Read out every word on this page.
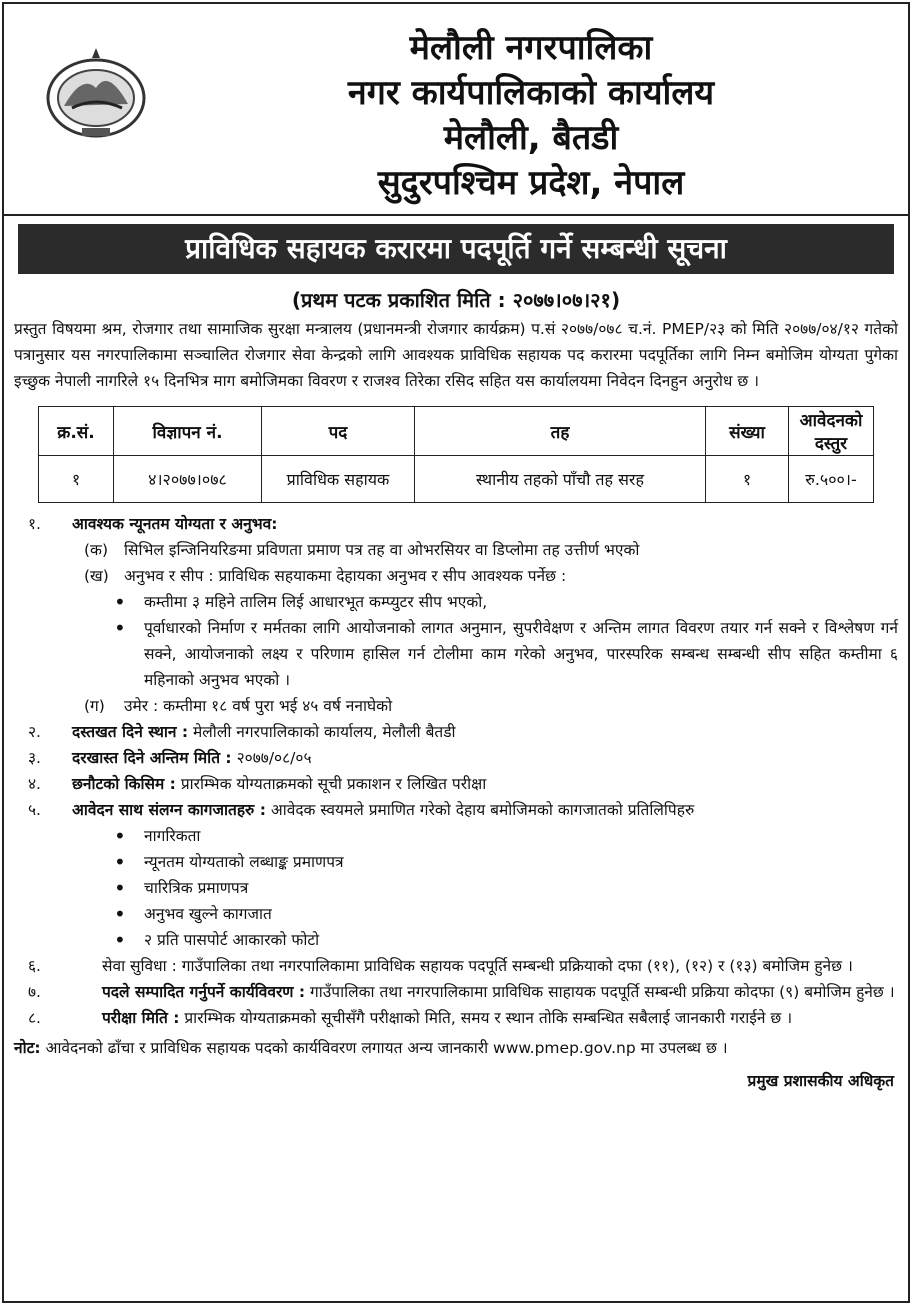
मेलौली नगरपालिका
नगर कार्यपालिकाको कार्यालय
मेलौली, बैतडी
सुदुरपश्चिम प्रदेश, नेपाल
प्राविधिक सहायक करारमा पदपूर्ति गर्ने सम्बन्धी सूचना
(प्रथम पटक प्रकाशित मिति : २०७७।०७।२१)
प्रस्तुत विषयमा श्रम, रोजगार तथा सामाजिक सुरक्षा मन्त्रालय (प्रधानमन्त्री रोजगार कार्यक्रम) प.सं २०७७/०७८ च.नं. PMEP/२३ को मिति २०७७/०४/१२ गतेको पत्रानुसार यस नगरपालिकामा सञ्चालित रोजगार सेवा केन्द्रको लागि आवश्यक प्राविधिक सहायक पद करारमा पदपूर्तिका लागि निम्न बमोजिम योग्यता पुगेका इच्छुक नेपाली नागरिले १५ दिनभित्र माग बमोजिमका विवरण र राजश्व तिरेका रसिद सहित यस कार्यालयमा निवेदन दिनहुन अनुरोध छ ।
क्र.सं.	विज्ञापन नं.	पद	तह	संख्या	आवेदनको दस्तुर
१	४।२०७७।०७८	प्राविधिक सहायक	स्थानीय तहको पाँचौ तह सरह	१	रु.५००।-
१.	आवश्यक न्यूनतम योग्यता र अनुभव:
(क)	सिभिल इन्जिनियरिङमा प्रविणता प्रमाण पत्र तह वा ओभरसियर वा डिप्लोमा तह उत्तीर्ण भएको
(ख) अनुभव र सीप : प्राविधिक सहयाकमा देहायका अनुभव र सीप आवश्यक पर्नेछ :
•	कम्तीमा ३ महिने तालिम लिई आधारभूत कम्प्युटर सीप भएको,
•	पूर्वाधारको निर्माण र मर्मतका लागि आयोजनाको लागत अनुमान, सुपरीवेक्षण र अन्तिम लागत विवरण तयार गर्न सक्ने र विश्लेषण गर्न सक्ने, आयोजनाको लक्ष्य र परिणाम हासिल गर्न टोलीमा काम गरेको अनुभव, पारस्परिक सम्बन्ध सम्बन्धी सीप सहित कम्तीमा ६ महिनाको अनुभव भएको ।
(ग)	उमेर : कम्तीमा १८ वर्ष पुरा भई ४५ वर्ष ननाघेको
२.	दस्तखत दिने स्थान : मेलौली नगरपालिकाको कार्यालय, मेलौली बैतडी
३.	दरखास्त दिने अन्तिम मिति : २०७७/०८/०५
४.	छनौटको किसिम : प्रारम्भिक योग्यताक्रमको सूची प्रकाशन र लिखित परीक्षा
५.	आवेदन साथ संलग्न कागजातहरु : आवेदक स्वयमले प्रमाणित गरेको देहाय बमोजिमको कागजातको प्रतिलिपिहरु
•	नागरिकता
•	न्यूनतम योग्यताको लब्धाङ्क प्रमाणपत्र
•	चारित्रिक प्रमाणपत्र
•	अनुभव खुल्ने कागजात
•	२ प्रति पासपोर्ट आकारको फोटो
६.	सेवा सुविधा : गाउँपालिका तथा नगरपालिकामा प्राविधिक सहायक पदपूर्ति सम्बन्धी प्रक्रियाको दफा (११), (१२) र (१३) बमोजिम हुनेछ ।
७.	पदले सम्पादित गर्नुपर्ने कार्यविवरण : गाउँपालिका तथा नगरपालिकामा प्राविधिक साहायक पदपूर्ति सम्बन्धी प्रक्रिया कोदफा (९) बमोजिम हुनेछ ।
८.	परीक्षा मिति : प्रारम्भिक योग्यताक्रमको सूचीसँगै परीक्षाको मिति, समय र स्थान तोकि सम्बन्धित सबैलाई जानकारी गराईने छ ।
नोट: आवेदनको ढाँचा र प्राविधिक सहायक पदको कार्यविवरण लगायत अन्य जानकारी www.pmep.gov.np मा उपलब्ध छ ।
प्रमुख प्रशासकीय अधिकृत
